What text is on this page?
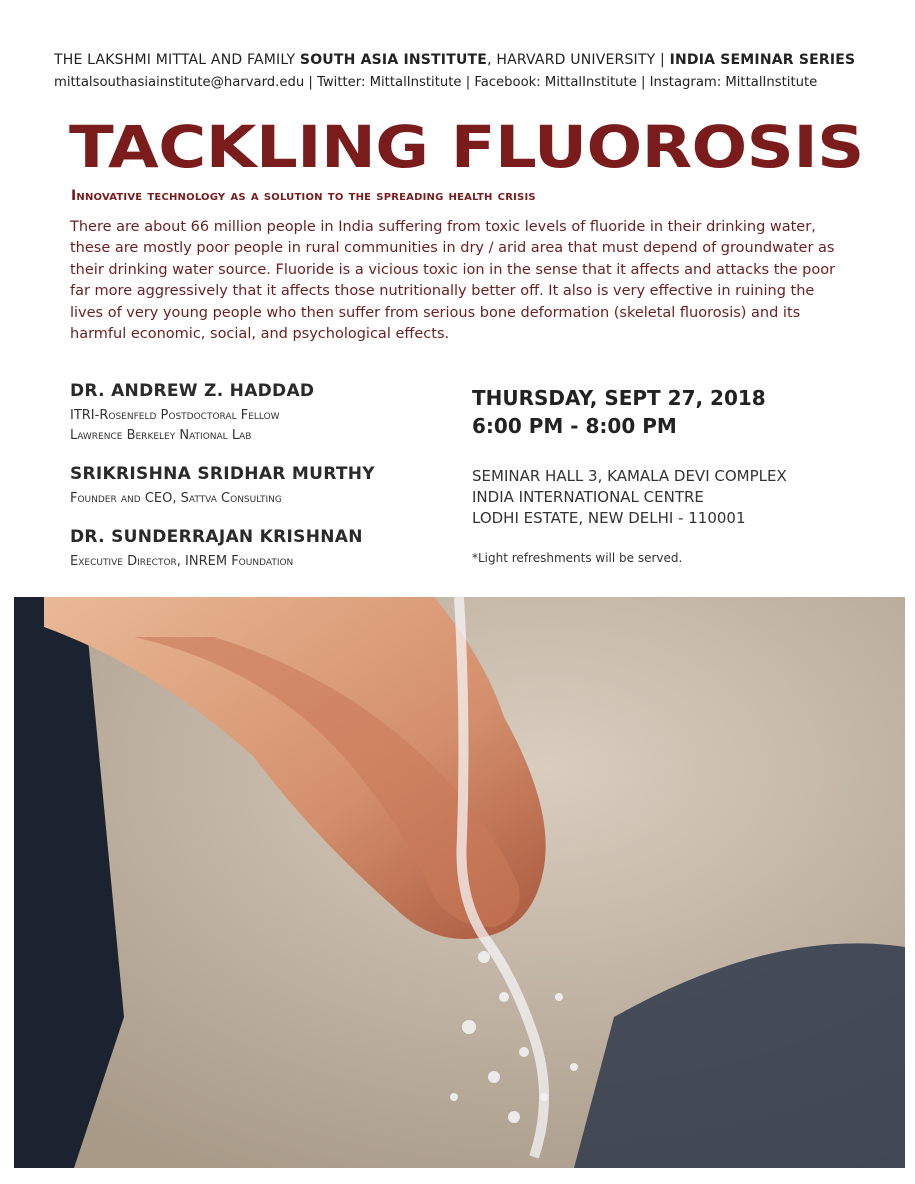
THE LAKSHMI MITTAL AND FAMILY SOUTH ASIA INSTITUTE, HARVARD UNIVERSITY | INDIA SEMINAR SERIES
mittalsouthasiainstitute@harvard.edu | Twitter: MittalInstitute | Facebook: MittalInstitute | Instagram: MittalInstitute
TACKLING FLUOROSIS
Innovative technology as a solution to the spreading health crisis
There are about 66 million people in India suffering from toxic levels of fluoride in their drinking water, these are mostly poor people in rural communities in dry / arid area that must depend of groundwater as their drinking water source. Fluoride is a vicious toxic ion in the sense that it affects and attacks the poor far more aggressively that it affects those nutritionally better off. It also is very effective in ruining the lives of very young people who then suffer from serious bone deformation (skeletal fluorosis) and its harmful economic, social, and psychological effects.
DR. ANDREW Z. HADDAD
ITRI-Rosenfeld Postdoctoral Fellow
Lawrence Berkeley National Lab
SRIKRISHNA SRIDHAR MURTHY
Founder and CEO, Sattva Consulting
DR. SUNDERRAJAN KRISHNAN
Executive Director, INREM Foundation
THURSDAY, SEPT 27, 2018
6:00 PM - 8:00 PM
SEMINAR HALL 3, KAMALA DEVI COMPLEX
INDIA INTERNATIONAL CENTRE
LODHI ESTATE, NEW DELHI - 110001
*Light refreshments will be served.
